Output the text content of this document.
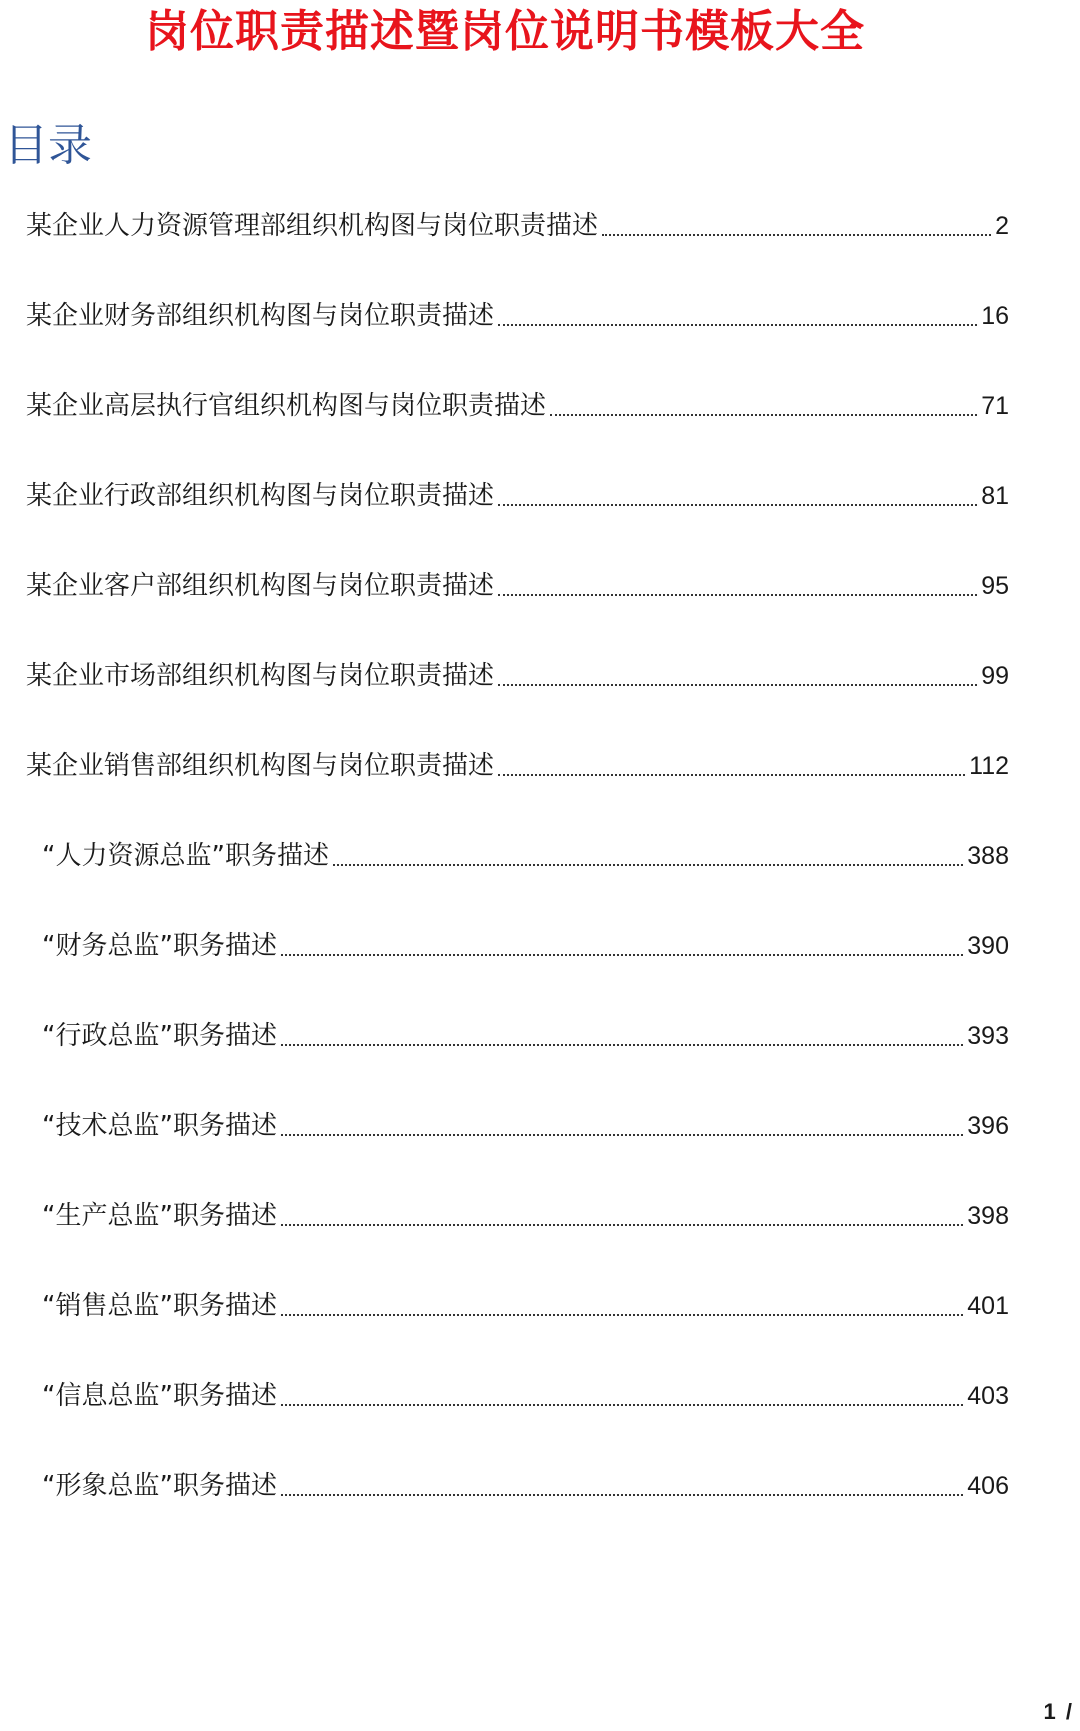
岗位职责描述暨岗位说明书模板大全
目录
某企业人力资源管理部组织机构图与岗位职责描述	2
某企业财务部组织机构图与岗位职责描述	16
某企业高层执行官组织机构图与岗位职责描述	71
某企业行政部组织机构图与岗位职责描述	81
某企业客户部组织机构图与岗位职责描述	95
某企业市场部组织机构图与岗位职责描述	99
某企业销售部组织机构图与岗位职责描述	112
“人力资源总监”职务描述	388
“财务总监”职务描述	390
“行政总监”职务描述	393
“技术总监”职务描述	396
“生产总监”职务描述	398
“销售总监”职务描述	401
“信息总监”职务描述	403
“形象总监”职务描述	406
1 /
